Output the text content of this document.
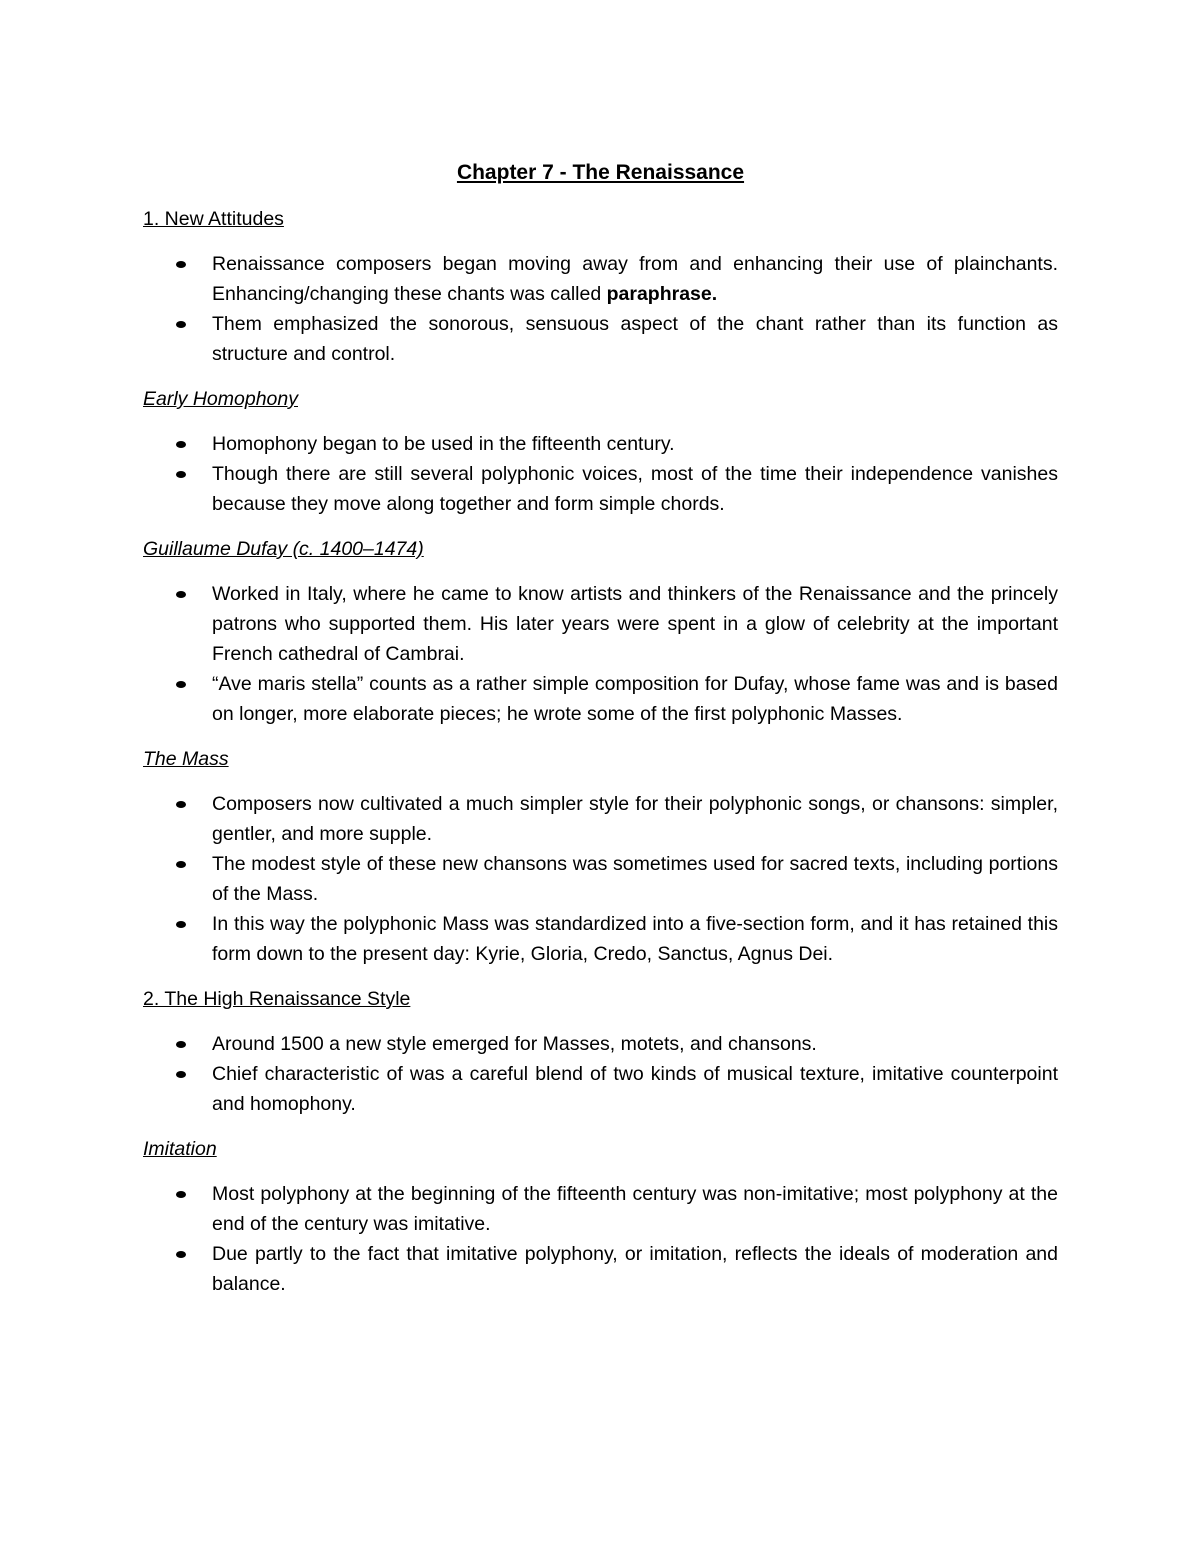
Chapter 7 - The Renaissance
1. New Attitudes
Renaissance composers began moving away from and enhancing their use of plainchants. Enhancing/changing these chants was called paraphrase.
Them emphasized the sonorous, sensuous aspect of the chant rather than its function as structure and control.
Early Homophony
Homophony began to be used in the fifteenth century.
Though there are still several polyphonic voices, most of the time their independence vanishes because they move along together and form simple chords.
Guillaume Dufay (c. 1400–1474)
Worked in Italy, where he came to know artists and thinkers of the Renaissance and the princely patrons who supported them. His later years were spent in a glow of celebrity at the important French cathedral of Cambrai.
“Ave maris stella” counts as a rather simple composition for Dufay, whose fame was and is based on longer, more elaborate pieces; he wrote some of the first polyphonic Masses.
The Mass
Composers now cultivated a much simpler style for their polyphonic songs, or chansons: simpler, gentler, and more supple.
The modest style of these new chansons was sometimes used for sacred texts, including portions of the Mass.
In this way the polyphonic Mass was standardized into a five-section form, and it has retained this form down to the present day: Kyrie, Gloria, Credo, Sanctus, Agnus Dei.
2. The High Renaissance Style
Around 1500 a new style emerged for Masses, motets, and chansons.
Chief characteristic of was a careful blend of two kinds of musical texture, imitative counterpoint and homophony.
Imitation
Most polyphony at the beginning of the fifteenth century was non-imitative; most polyphony at the end of the century was imitative.
Due partly to the fact that imitative polyphony, or imitation, reflects the ideals of moderation and balance.
